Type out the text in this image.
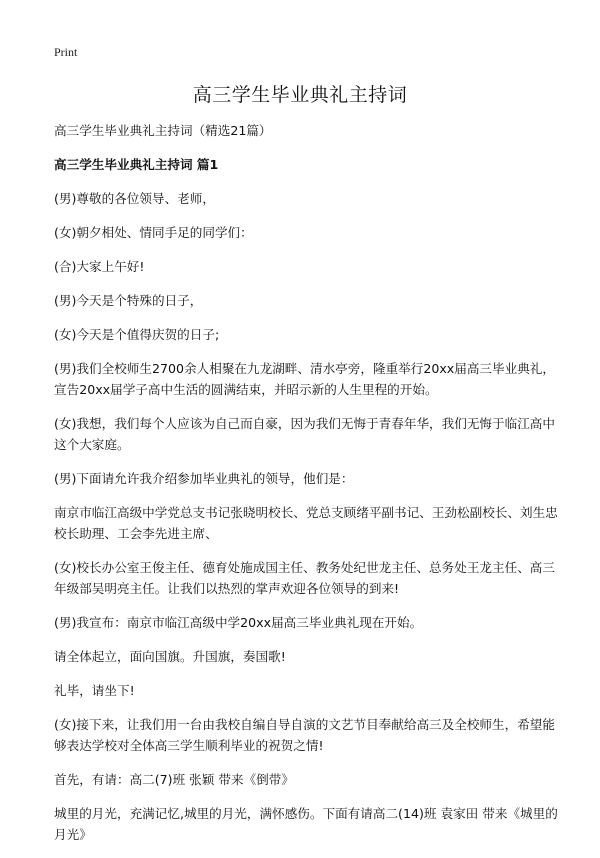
Print
高三学生毕业典礼主持词

高三学生毕业典礼主持词（精选21篇）

高三学生毕业典礼主持词 篇1

(男)尊敬的各位领导、老师，

(女)朝夕相处、情同手足的同学们：

(合)大家上午好!

(男)今天是个特殊的日子，

(女)今天是个值得庆贺的日子;

(男)我们全校师生2700余人相聚在九龙湖畔、清水亭旁，隆重举行20xx届高三毕业典礼，宣告20xx届学子高中生活的圆满结束，并昭示新的人生里程的开始。

(女)我想，我们每个人应该为自己而自豪，因为我们无悔于青春年华，我们无悔于临江高中这个大家庭。

(男)下面请允许我介绍参加毕业典礼的领导，他们是：

南京市临江高级中学党总支书记张晓明校长、党总支顾绪平副书记、王劲松副校长、刘生忠校长助理、工会李先进主席、

(女)校长办公室王俊主任、德育处施成国主任、教务处纪世龙主任、总务处王龙主任、高三年级部吴明亮主任。让我们以热烈的掌声欢迎各位领导的到来!

(男)我宣布：南京市临江高级中学20xx届高三毕业典礼现在开始。

请全体起立，面向国旗。升国旗，奏国歌!

礼毕，请坐下!

(女)接下来，让我们用一台由我校自编自导自演的文艺节目奉献给高三及全校师生，希望能够表达学校对全体高三学生顺利毕业的祝贺之情!

首先，有请：高二(7)班 张颖 带来《倒带》

城里的月光，充满记忆,城里的月光，满怀感伤。下面有请高二(14)班 袁家田 带来《城里的月光》
